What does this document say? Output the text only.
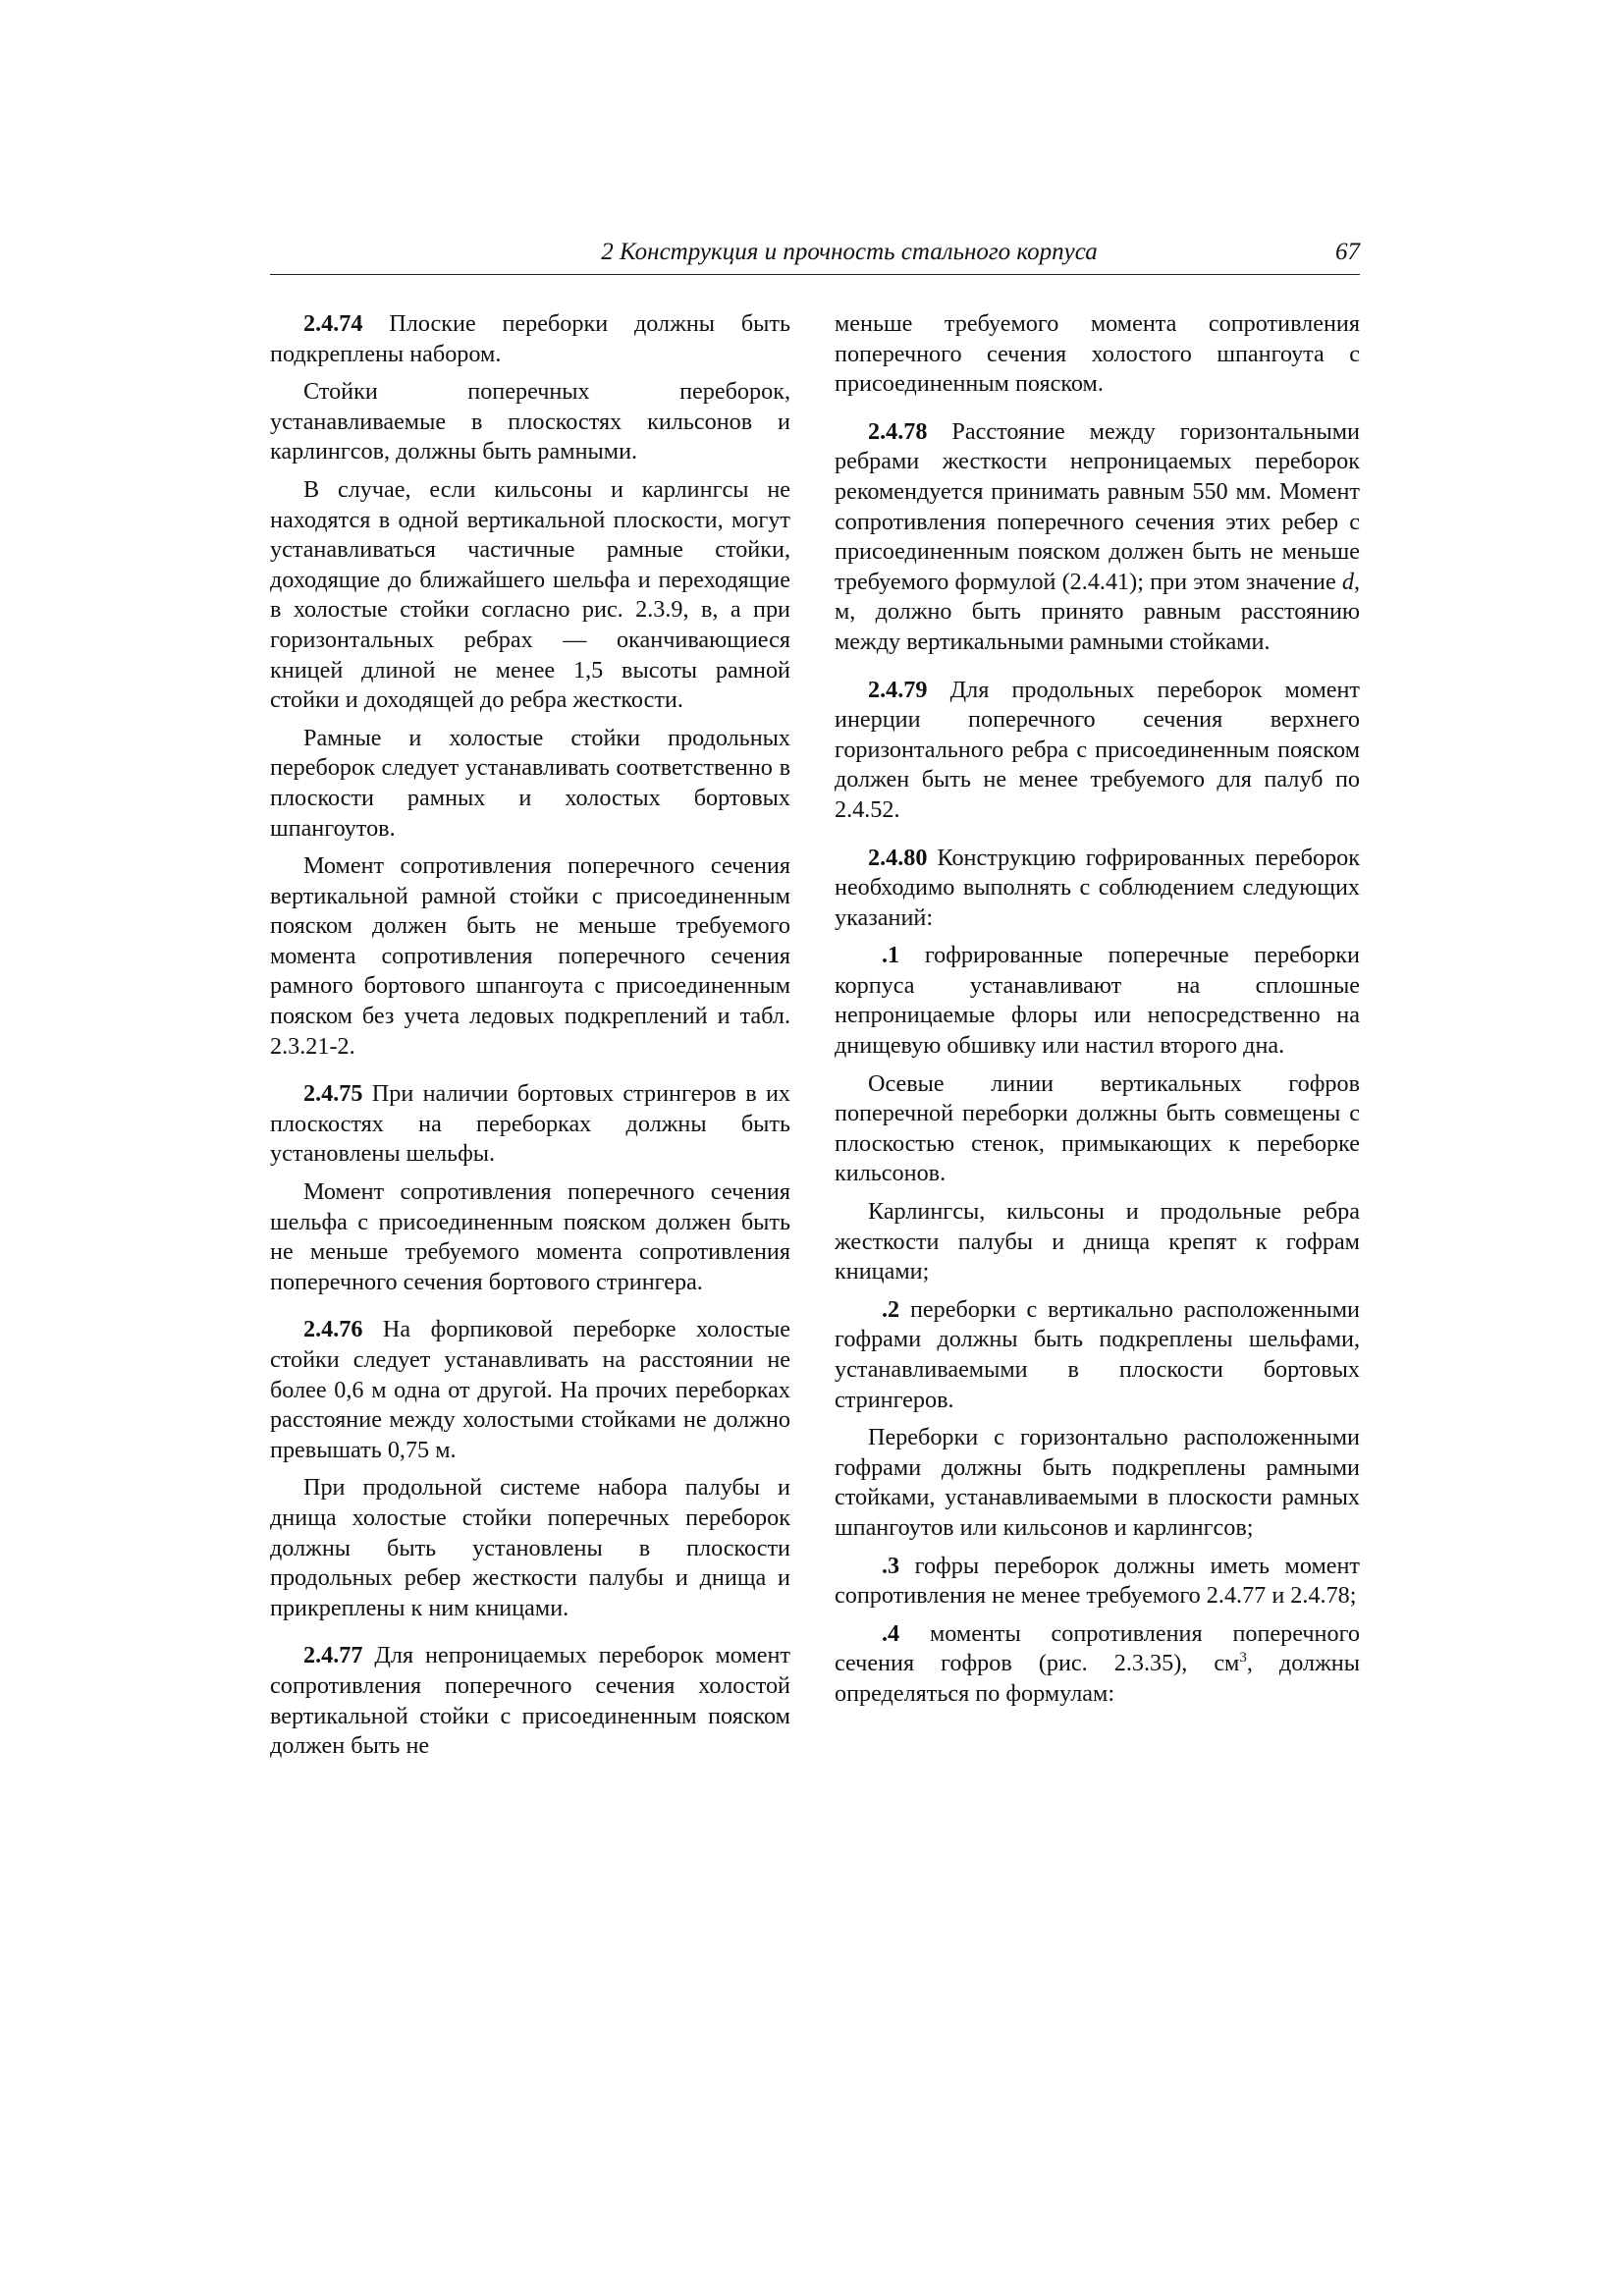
2 Конструкция и прочность стального корпуса	67

2.4.74 Плоские переборки должны быть подкреплены набором.

Стойки поперечных переборок, устанавливаемые в плоскостях кильсонов и карлингсов, должны быть рамными.

В случае, если кильсоны и карлингсы не находятся в одной вертикальной плоскости, могут устанавливаться частичные рамные стойки, доходящие до ближайшего шельфа и переходящие в холостые стойки согласно рис. 2.3.9, в, а при горизонтальных ребрах — оканчивающиеся кницей длиной не менее 1,5 высоты рамной стойки и доходящей до ребра жесткости.

Рамные и холостые стойки продольных переборок следует устанавливать соответственно в плоскости рамных и холостых бортовых шпангоутов.

Момент сопротивления поперечного сечения вертикальной рамной стойки с присоединенным пояском должен быть не меньше требуемого момента сопротивления поперечного сечения рамного бортового шпангоута с присоединенным пояском без учета ледовых подкреплений и табл. 2.3.21-2.

2.4.75 При наличии бортовых стрингеров в их плоскостях на переборках должны быть установлены шельфы.

Момент сопротивления поперечного сечения шельфа с присоединенным пояском должен быть не меньше требуемого момента сопротивления поперечного сечения бортового стрингера.

2.4.76 На форпиковой переборке холостые стойки следует устанавливать на расстоянии не более 0,6 м одна от другой. На прочих переборках расстояние между холостыми стойками не должно превышать 0,75 м.

При продольной системе набора палубы и днища холостые стойки поперечных переборок должны быть установлены в плоскости продольных ребер жесткости палубы и днища и прикреплены к ним кницами.

2.4.77 Для непроницаемых переборок момент сопротивления поперечного сечения холостой вертикальной стойки с присоединенным пояском должен быть не

меньше требуемого момента сопротивления поперечного сечения холостого шпангоута с присоединенным пояском.

2.4.78 Расстояние между горизонтальными ребрами жесткости непроницаемых переборок рекомендуется принимать равным 550 мм. Момент сопротивления поперечного сечения этих ребер с присоединенным пояском должен быть не меньше требуемого формулой (2.4.41); при этом значение d, м, должно быть принято равным расстоянию между вертикальными рамными стойками.

2.4.79 Для продольных переборок момент инерции поперечного сечения верхнего горизонтального ребра с присоединенным пояском должен быть не менее требуемого для палуб по 2.4.52.

2.4.80 Конструкцию гофрированных переборок необходимо выполнять с соблюдением следующих указаний:

.1 гофрированные поперечные переборки корпуса устанавливают на сплошные непроницаемые флоры или непосредственно на днищевую обшивку или настил второго дна.

Осевые линии вертикальных гофров поперечной переборки должны быть совмещены с плоскостью стенок, примыкающих к переборке кильсонов.

Карлингсы, кильсоны и продольные ребра жесткости палубы и днища крепят к гофрам кницами;

.2 переборки с вертикально расположенными гофрами должны быть подкреплены шельфами, устанавливаемыми в плоскости бортовых стрингеров.

Переборки с горизонтально расположенными гофрами должны быть подкреплены рамными стойками, устанавливаемыми в плоскости рамных шпангоутов или кильсонов и карлингсов;

.3 гофры переборок должны иметь момент сопротивления не менее требуемого 2.4.77 и 2.4.78;

.4 моменты сопротивления поперечного сечения гофров (рис. 2.3.35), $см^3$, должны определяться по формулам:
